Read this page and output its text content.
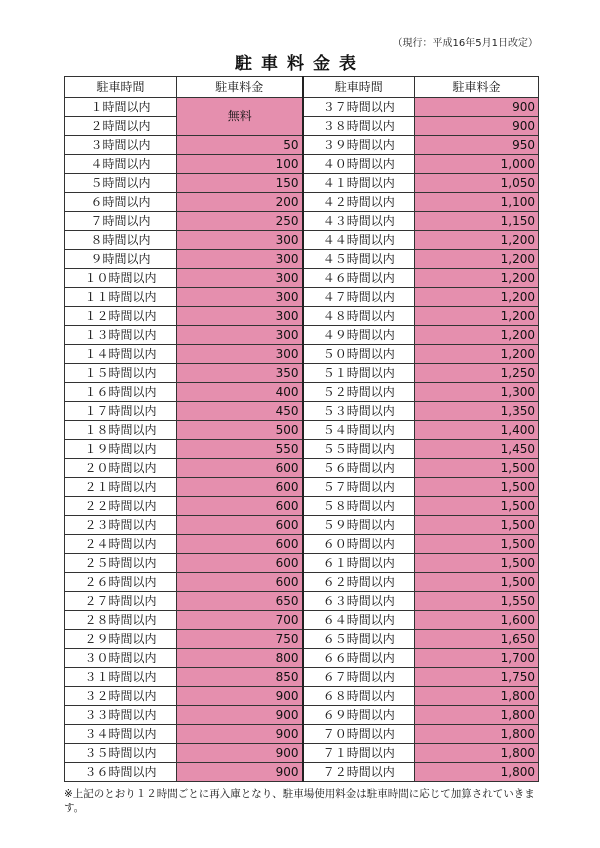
（現行：平成16年5月1日改定）
駐車料金表
駐車時間	駐車料金	駐車時間	駐車料金
１時間以内	無料	３７時間以内	900
２時間以内		３８時間以内	900
３時間以内	50	３９時間以内	950
４時間以内	100	４０時間以内	1,000
５時間以内	150	４１時間以内	1,050
６時間以内	200	４２時間以内	1,100
７時間以内	250	４３時間以内	1,150
８時間以内	300	４４時間以内	1,200
９時間以内	300	４５時間以内	1,200
１０時間以内	300	４６時間以内	1,200
１１時間以内	300	４７時間以内	1,200
１２時間以内	300	４８時間以内	1,200
１３時間以内	300	４９時間以内	1,200
１４時間以内	300	５０時間以内	1,200
１５時間以内	350	５１時間以内	1,250
１６時間以内	400	５２時間以内	1,300
１７時間以内	450	５３時間以内	1,350
１８時間以内	500	５４時間以内	1,400
１９時間以内	550	５５時間以内	1,450
２０時間以内	600	５６時間以内	1,500
２１時間以内	600	５７時間以内	1,500
２２時間以内	600	５８時間以内	1,500
２３時間以内	600	５９時間以内	1,500
２４時間以内	600	６０時間以内	1,500
２５時間以内	600	６１時間以内	1,500
２６時間以内	600	６２時間以内	1,500
２７時間以内	650	６３時間以内	1,550
２８時間以内	700	６４時間以内	1,600
２９時間以内	750	６５時間以内	1,650
３０時間以内	800	６６時間以内	1,700
３１時間以内	850	６７時間以内	1,750
３２時間以内	900	６８時間以内	1,800
３３時間以内	900	６９時間以内	1,800
３４時間以内	900	７０時間以内	1,800
３５時間以内	900	７１時間以内	1,800
３６時間以内	900	７２時間以内	1,800
※上記のとおり１２時間ごとに再入庫となり、駐車場使用料金は駐車時間に応じて加算されていきます。
